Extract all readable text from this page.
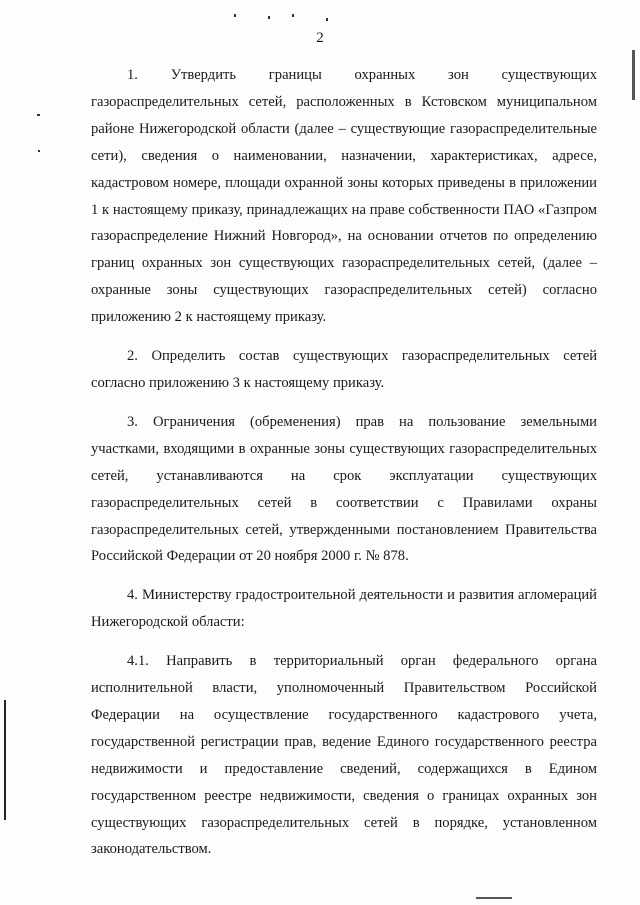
2

1. Утвердить границы охранных зон существующих газораспределительных сетей, расположенных в Кстовском муниципальном районе Нижегородской области (далее – существующие газораспределительные сети), сведения о наименовании, назначении, характеристиках, адресе, кадастровом номере, площади охранной зоны которых приведены в приложении 1 к настоящему приказу, принадлежащих на праве собственности ПАО «Газпром газораспределение Нижний Новгород», на основании отчетов по определению границ охранных зон существующих газораспределительных сетей, (далее – охранные зоны существующих газораспределительных сетей) согласно приложению 2 к настоящему приказу.

2. Определить состав существующих газораспределительных сетей согласно приложению 3 к настоящему приказу.

3. Ограничения (обременения) прав на пользование земельными участками, входящими в охранные зоны существующих газораспределительных сетей, устанавливаются на срок эксплуатации существующих газораспределительных сетей в соответствии с Правилами охраны газораспределительных сетей, утвержденными постановлением Правительства Российской Федерации от 20 ноября 2000 г. № 878.

4. Министерству градостроительной деятельности и развития агломераций Нижегородской области:

4.1. Направить в территориальный орган федерального органа исполнительной власти, уполномоченный Правительством Российской Федерации на осуществление государственного кадастрового учета, государственной регистрации прав, ведение Единого государственного реестра недвижимости и предоставление сведений, содержащихся в Едином государственном реестре недвижимости, сведения о границах охранных зон существующих газораспределительных сетей в порядке, установленном законодательством.
